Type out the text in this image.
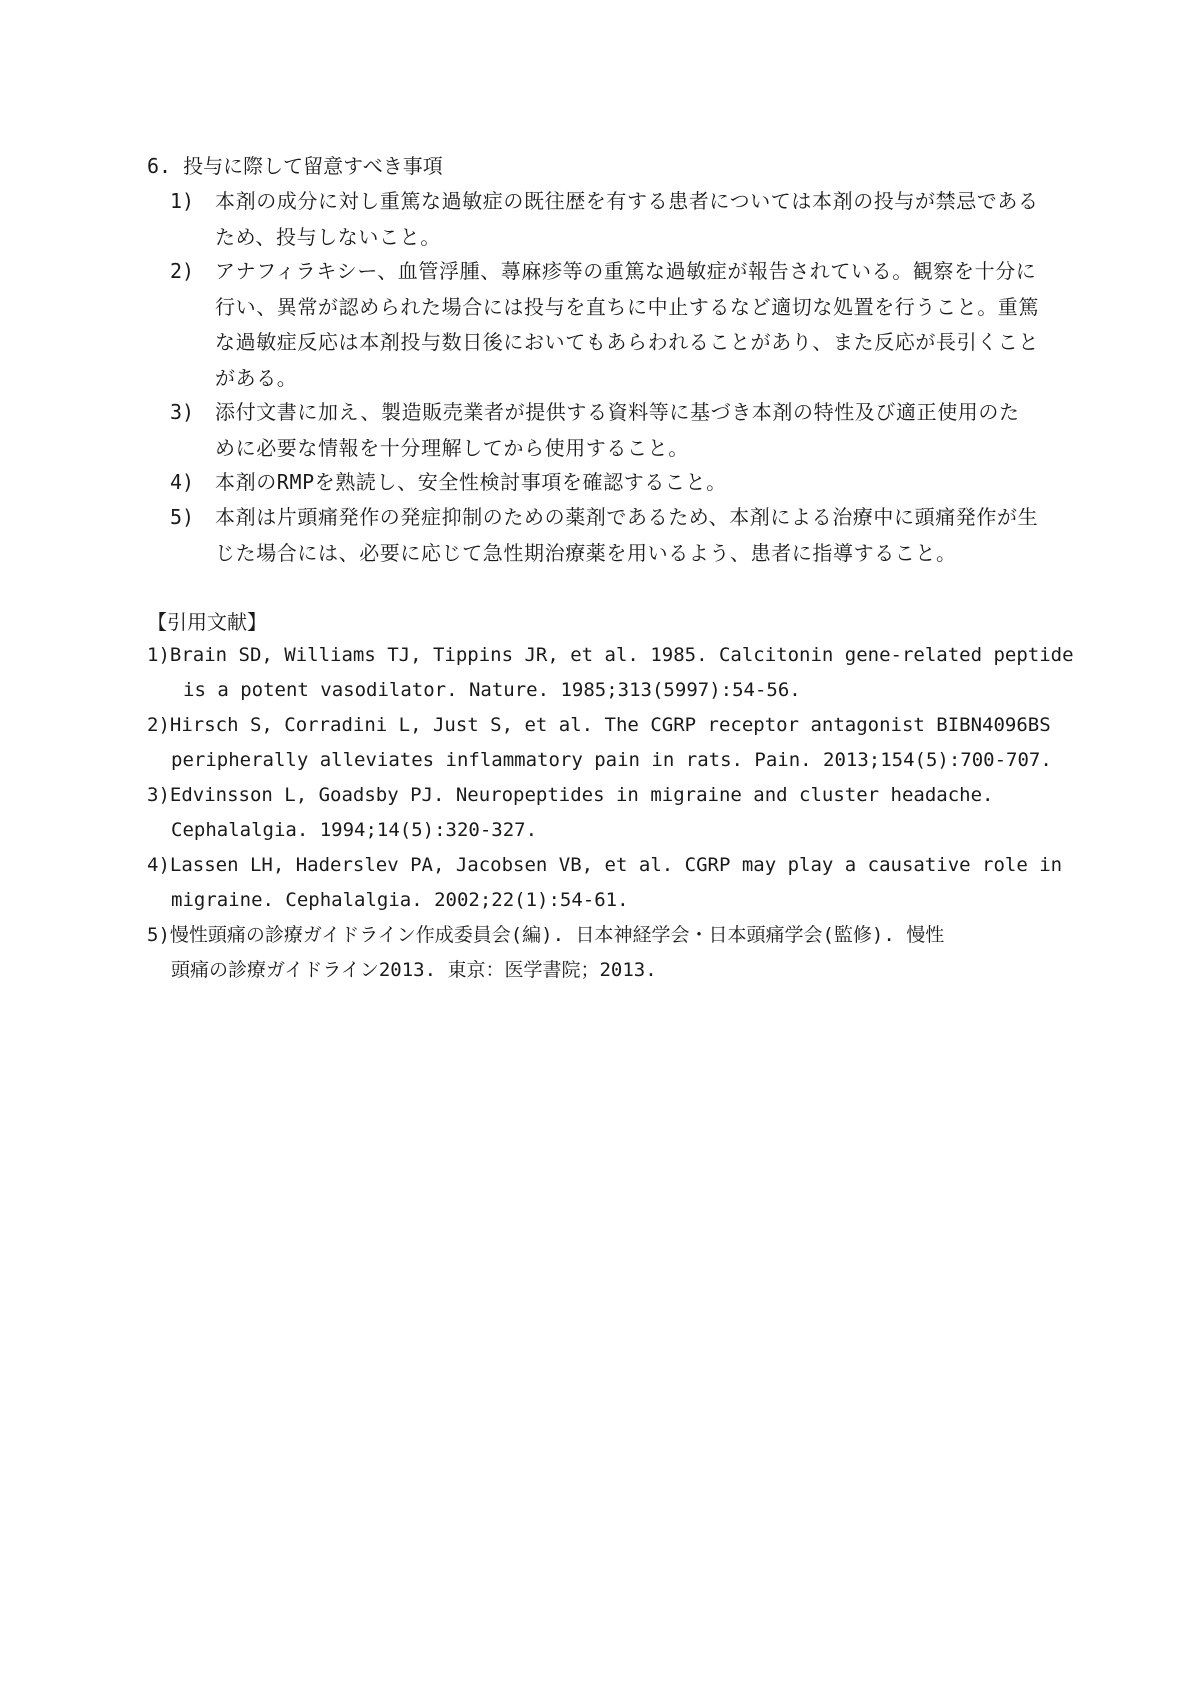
6. 投与に際して留意すべき事項
1)	本剤の成分に対し重篤な過敏症の既往歴を有する患者については本剤の投与が禁忌であるため、投与しないこと。
2)	アナフィラキシー、血管浮腫、蕁麻疹等の重篤な過敏症が報告されている。観察を十分に行い、異常が認められた場合には投与を直ちに中止するなど適切な処置を行うこと。重篤な過敏症反応は本剤投与数日後においてもあらわれることがあり、また反応が長引くことがある。
3)	添付文書に加え、製造販売業者が提供する資料等に基づき本剤の特性及び適正使用のために必要な情報を十分理解してから使用すること。
4)	本剤のRMPを熟読し、安全性検討事項を確認すること。
5)	本剤は片頭痛発作の発症抑制のための薬剤であるため、本剤による治療中に頭痛発作が生じた場合には、必要に応じて急性期治療薬を用いるよう、患者に指導すること。
【引用文献】
1)Brain SD, Williams TJ, Tippins JR, et al. 1985. Calcitonin gene-related peptide
is a potent vasodilator. Nature. 1985;313(5997):54-56.
2)Hirsch S, Corradini L, Just S, et al. The CGRP receptor antagonist BIBN4096BS
peripherally alleviates inflammatory pain in rats. Pain. 2013;154(5):700-707.
3)Edvinsson L, Goadsby PJ. Neuropeptides in migraine and cluster headache.
Cephalalgia. 1994;14(5):320-327.
4)Lassen LH, Haderslev PA, Jacobsen VB, et al. CGRP may play a causative role in
migraine. Cephalalgia. 2002;22(1):54-61.
5)慢性頭痛の診療ガイドライン作成委員会(編). 日本神経学会・日本頭痛学会(監修). 慢性
頭痛の診療ガイドライン2013. 東京：医学書院；2013.
